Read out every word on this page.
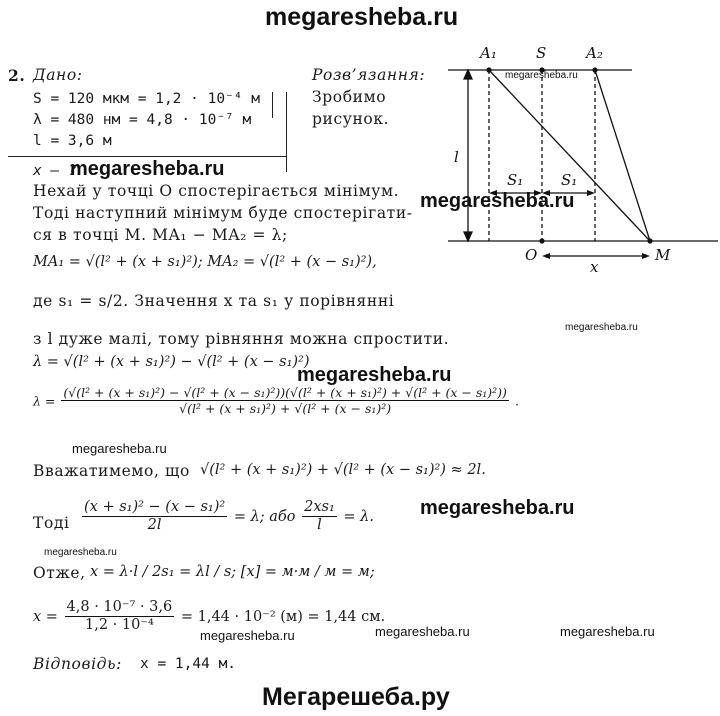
megaresheba.ru
2. Дано:
S = 120 мкм = 1,2 · 10⁻⁴ м
λ = 480 нм = 4,8 · 10⁻⁷ м
l = 3,6 м
x — ?
Розв’язання:
Зробимо
рисунок.
A₁	S	A₂
l
S₁	S₁
O	M
x
megaresheba.ru
megaresheba.ru
megaresheba.ru
megaresheba.ru
megaresheba.ru
megaresheba.ru
megaresheba.ru
megaresheba.ru
megaresheba.ru	megaresheba.ru	megaresheba.ru
Нехай у точці O спостерігається мінімум.
Тоді наступний мінімум буде спостерігати-
ся в точці M. MA₁ − MA₂ = λ;
MA₁ = √(l² + (x + s₁)²); MA₂ = √(l² + (x − s₁)²),
де s₁ = s/2. Значення x та s₁ у порівнянні
з l дуже малі, тому рівняння можна спростити.
λ = √(l² + (x + s₁)²) − √(l² + (x − s₁)²)
λ =
(√(l² + (x + s₁)²) − √(l² + (x − s₁)²))(√(l² + (x + s₁)²) + √(l² + (x − s₁)²))
√(l² + (x + s₁)²) + √(l² + (x − s₁)²)	.
Вважатимемо, що √(l² + (x + s₁)²) + √(l² + (x − s₁)²) ≈ 2l.
Тоді $\frac{\text{(x + s₁)² − (x − s₁)²}}{2l} = \lambda$; або $\frac{\text{2xs₁}}{l} = \lambda$.
Отже, x = λ·l / 2s₁ = λl / s; [x] = м·м / м = м;
$x = \frac{\text{4,8 · 10⁻⁷ · 3,6}}{\text{1,2 · 10⁻⁴}} = 1,44 \cdot 10^{-2}$ (м) = 1,44 см.
Відповідь: x = 1,44 м.
Мегарешеба.ру
